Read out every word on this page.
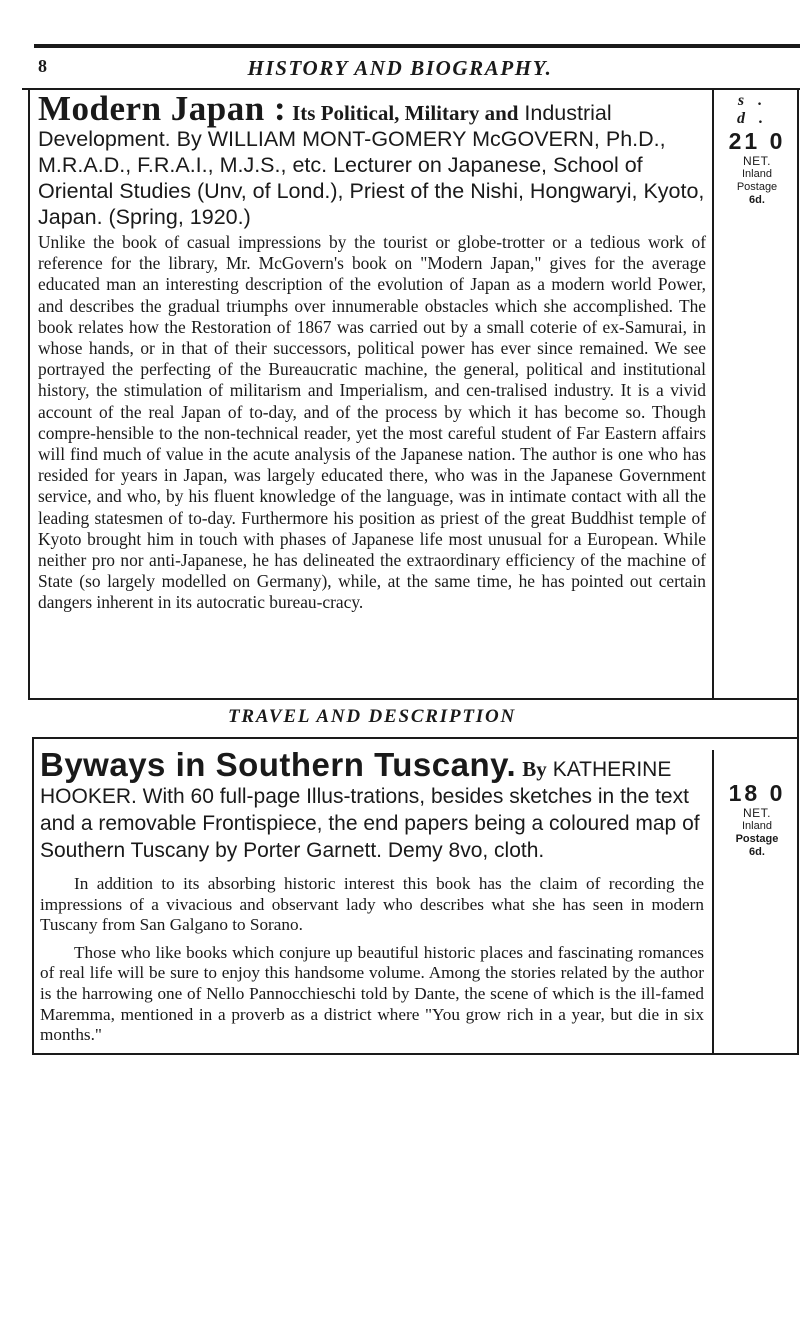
8	HISTORY AND BIOGRAPHY.
Modern Japan : Its Political, Military and Industrial Development. By WILLIAM MONT-GOMERY McGOVERN, Ph.D., M.R.A.D., F.R.A.I., M.J.S., etc. Lecturer on Japanese, School of Oriental Studies (Unv, of Lond.), Priest of the Nishi, Hongwaryi, Kyoto, Japan. (Spring, 1920.)

Unlike the book of casual impressions by the tourist or globe-trotter or a tedious work of reference for the library, Mr. McGovern's book on "Modern Japan," gives for the average educated man an interesting description of the evolution of Japan as a modern world Power, and describes the gradual triumphs over innumerable obstacles which she accomplished. The book relates how the Restoration of 1867 was carried out by a small coterie of ex-Samurai, in whose hands, or in that of their successors, political power has ever since remained. We see portrayed the perfecting of the Bureaucratic machine, the general, political and institutional history, the stimulation of militarism and Imperialism, and cen-tralised industry. It is a vivid account of the real Japan of to-day, and of the process by which it has become so. Though compre-hensible to the non-technical reader, yet the most careful student of Far Eastern affairs will find much of value in the acute analysis of the Japanese nation. The author is one who has resided for years in Japan, was largely educated there, who was in the Japanese Government service, and who, by his fluent knowledge of the language, was in intimate contact with all the leading statesmen of to-day. Furthermore his position as priest of the great Buddhist temple of Kyoto brought him in touch with phases of Japanese life most unusual for a European. While neither pro nor anti-Japanese, he has delineated the extraordinary efficiency of the machine of State (so largely modelled on Germany), while, at the same time, he has pointed out certain dangers inherent in its autocratic bureau-cracy.

s. d.
21 0
NET.
Inland
Postage
6d.
TRAVEL AND DESCRIPTION
Byways in Southern Tuscany. By KATHERINE HOOKER. With 60 full-page Illus-trations, besides sketches in the text and a removable Frontispiece, the end papers being a coloured map of Southern Tuscany by Porter Garnett. Demy 8vo, cloth.

In addition to its absorbing historic interest this book has the claim of recording the impressions of a vivacious and observant lady who describes what she has seen in modern Tuscany from San Galgano to Sorano.

Those who like books which conjure up beautiful historic places and fascinating romances of real life will be sure to enjoy this handsome volume. Among the stories related by the author is the harrowing one of Nello Pannocchieschi told by Dante, the scene of which is the ill-famed Maremma, mentioned in a proverb as a district where "You grow rich in a year, but die in six months."

18 0
NET.
Inland
Postage
6d.
